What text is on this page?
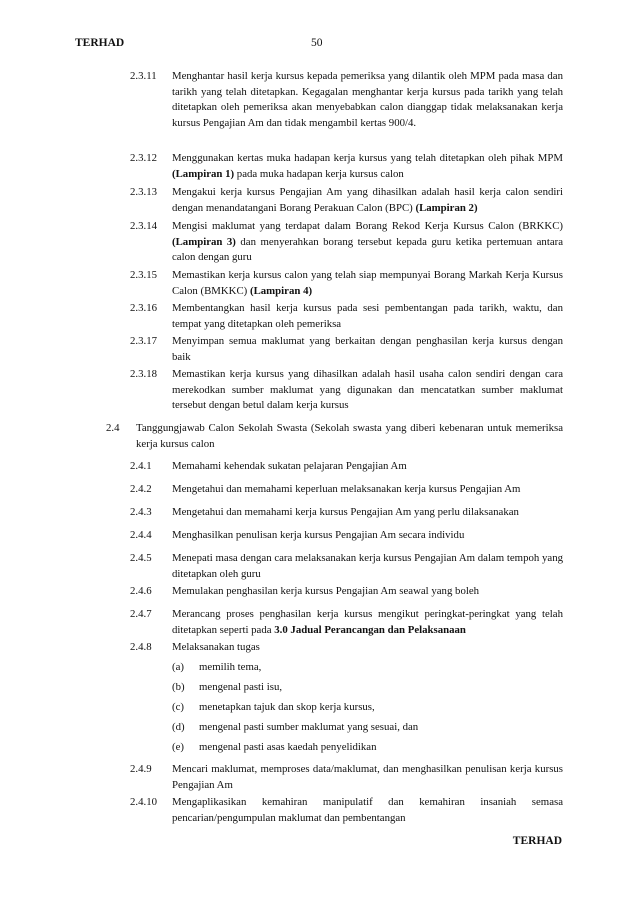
TERHAD	50
2.3.11 Menghantar hasil kerja kursus kepada pemeriksa yang dilantik oleh MPM pada masa dan tarikh yang telah ditetapkan. Kegagalan menghantar kerja kursus pada tarikh yang telah ditetapkan oleh pemeriksa akan menyebabkan calon dianggap tidak melaksanakan kerja kursus Pengajian Am dan tidak mengambil kertas 900/4.
2.3.12 Menggunakan kertas muka hadapan kerja kursus yang telah ditetapkan oleh pihak MPM (Lampiran 1) pada muka hadapan kerja kursus calon
2.3.13 Mengakui kerja kursus Pengajian Am yang dihasilkan adalah hasil kerja calon sendiri dengan menandatangani Borang Perakuan Calon (BPC) (Lampiran 2)
2.3.14 Mengisi maklumat yang terdapat dalam Borang Rekod Kerja Kursus Calon (BRKKC) (Lampiran 3) dan menyerahkan borang tersebut kepada guru ketika pertemuan antara calon dengan guru
2.3.15 Memastikan kerja kursus calon yang telah siap mempunyai Borang Markah Kerja Kursus Calon (BMKKC) (Lampiran 4)
2.3.16 Membentangkan hasil kerja kursus pada sesi pembentangan pada tarikh, waktu, dan tempat yang ditetapkan oleh pemeriksa
2.3.17 Menyimpan semua maklumat yang berkaitan dengan penghasilan kerja kursus dengan baik
2.3.18 Memastikan kerja kursus yang dihasilkan adalah hasil usaha calon sendiri dengan cara merekodkan sumber maklumat yang digunakan dan mencatatkan sumber maklumat tersebut dengan betul dalam kerja kursus
2.4 Tanggungjawab Calon Sekolah Swasta (Sekolah swasta yang diberi kebenaran untuk memeriksa kerja kursus calon
2.4.1 Memahami kehendak sukatan pelajaran Pengajian Am
2.4.2 Mengetahui dan memahami keperluan melaksanakan kerja kursus Pengajian Am
2.4.3 Mengetahui dan memahami kerja kursus Pengajian Am yang perlu dilaksanakan
2.4.4 Menghasilkan penulisan kerja kursus Pengajian Am secara individu
2.4.5 Menepati masa dengan cara melaksanakan kerja kursus Pengajian Am dalam tempoh yang ditetapkan oleh guru
2.4.6 Memulakan penghasilan kerja kursus Pengajian Am seawal yang boleh
2.4.7 Merancang proses penghasilan kerja kursus mengikut peringkat-peringkat yang telah ditetapkan seperti pada 3.0 Jadual Perancangan dan Pelaksanaan
2.4.8 Melaksanakan tugas
(a) memilih tema,
(b) mengenal pasti isu,
(c) menetapkan tajuk dan skop kerja kursus,
(d) mengenal pasti sumber maklumat yang sesuai, dan
(e) mengenal pasti asas kaedah penyelidikan
2.4.9 Mencari maklumat, memproses data/maklumat, dan menghasilkan penulisan kerja kursus Pengajian Am
2.4.10 Mengaplikasikan kemahiran manipulatif dan kemahiran insaniah semasa pencarian/pengumpulan maklumat dan pembentangan
TERHAD
